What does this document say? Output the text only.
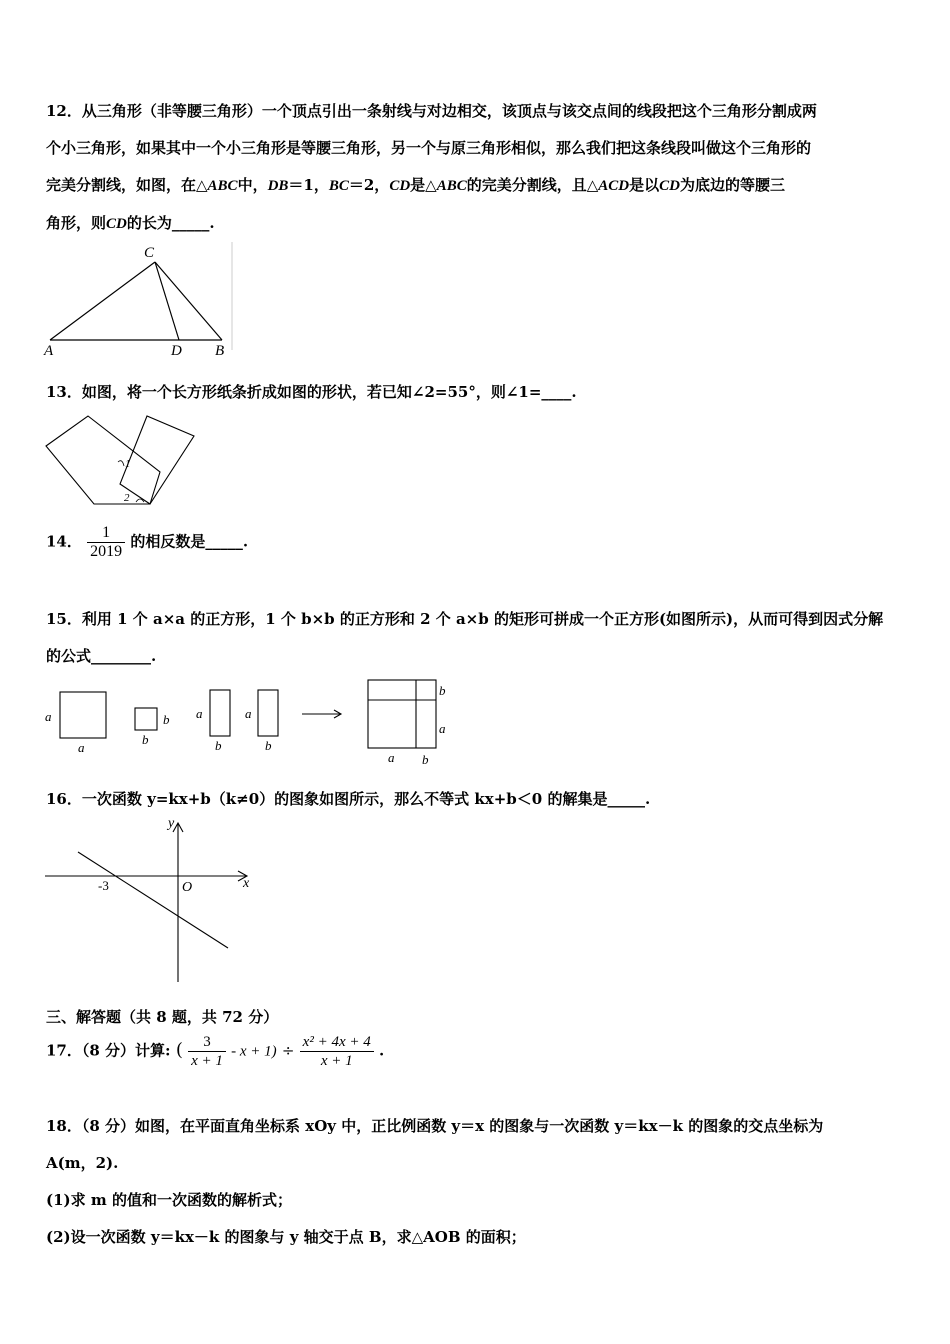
12．从三角形（非等腰三角形）一个顶点引出一条射线与对边相交，该顶点与该交点间的线段把这个三角形分割成两
个小三角形，如果其中一个小三角形是等腰三角形，另一个与原三角形相似，那么我们把这条线段叫做这个三角形的
完美分割线，如图，在△ABC中，DB＝1，BC＝2，CD是△ABC的完美分割线，且△ACD是以CD为底边的等腰三
角形，则CD的长为_____.
C
A	D B
13．如图，将一个长方形纸条折成如图的形状，若已知∠2=55°，则∠1=____.
1
2
14． $\frac{1}{2019}$ 的相反数是_____.
15．利用 1 个 a×a 的正方形，1 个 b×b 的正方形和 2 个 a×b 的矩形可拼成一个正方形(如图所示)，从而可得到因式分解
的公式________.
a
a
b
b
a
b
a
b
b
a
a b
16．一次函数 y=kx+b（k≠0）的图象如图所示，那么不等式 kx+b＜0 的解集是_____.
y
x
O
-3
三、解答题（共 8 题，共 72 分）
17．（8 分）计算: ( $\frac{3}{x + 1} - x + 1) \div \frac{\text{x² + 4x + 4}}{x + 1}$ .
18．（8 分）如图，在平面直角坐标系 xOy 中，正比例函数 y＝x 的图象与一次函数 y＝kx－k 的图象的交点坐标为
A(m，2).
(1)求 m 的值和一次函数的解析式；
(2)设一次函数 y＝kx－k 的图象与 y 轴交于点 B，求△AOB 的面积；
